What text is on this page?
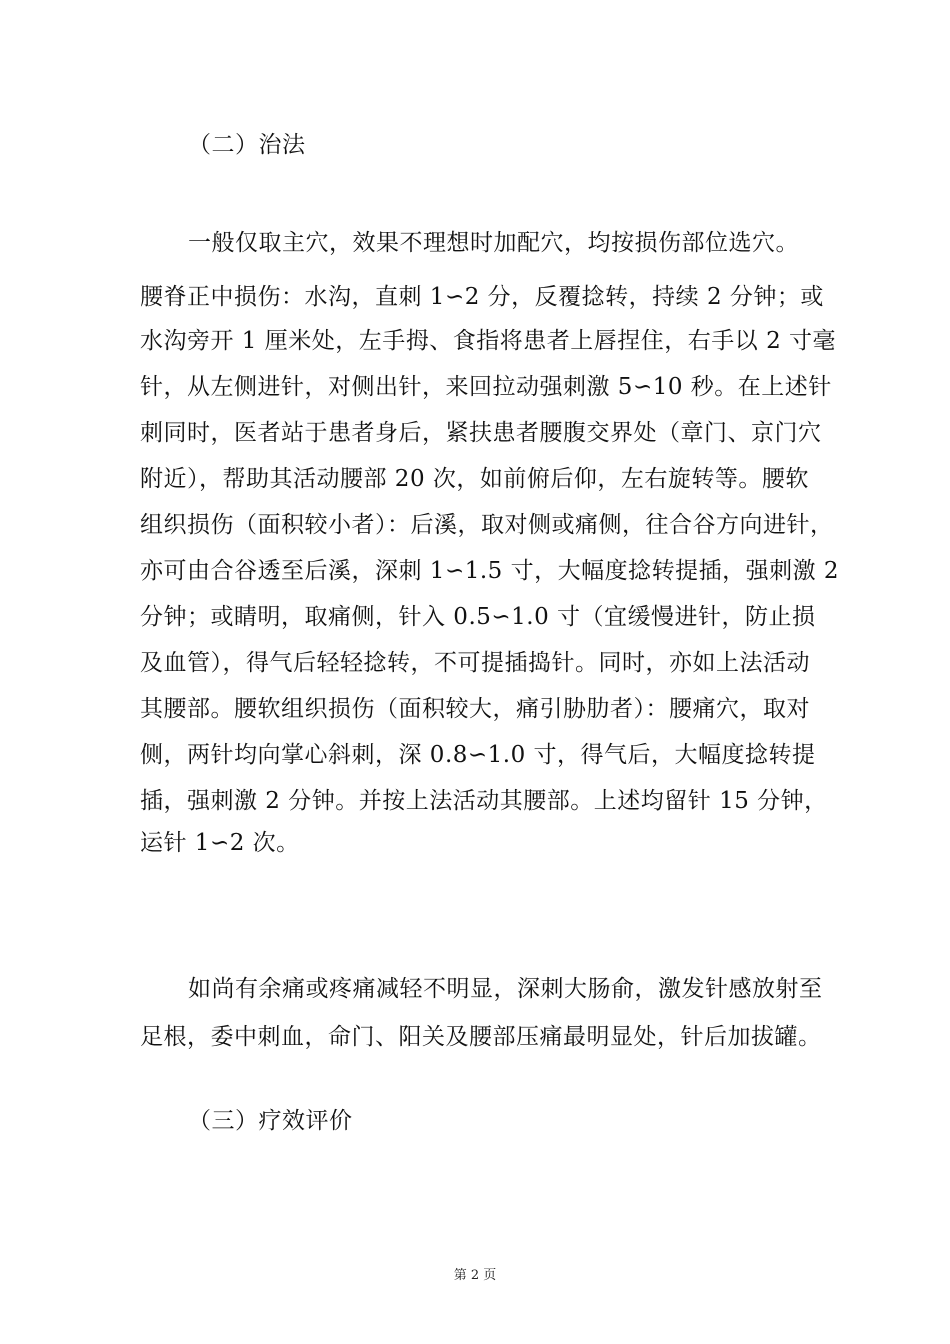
（二）治法
一般仅取主穴，效果不理想时加配穴，均按损伤部位选穴。
腰脊正中损伤：水沟，直刺 1∽2 分，反覆捻转，持续 2 分钟；或
水沟旁开 1 厘米处，左手拇、食指将患者上唇捏住，右手以 2 寸毫
针，从左侧进针，对侧出针，来回拉动强刺激 5∽10 秒。在上述针
刺同时，医者站于患者身后，紧扶患者腰腹交界处（章门、京门穴
附近），帮助其活动腰部 20 次，如前俯后仰，左右旋转等。腰软
组织损伤（面积较小者）：后溪，取对侧或痛侧，往合谷方向进针，
亦可由合谷透至后溪，深刺 1∽1.5 寸，大幅度捻转提插，强刺激 2
分钟；或睛明，取痛侧，针入 0.5∽1.0 寸（宜缓慢进针，防止损
及血管），得气后轻轻捻转，不可提插捣针。同时，亦如上法活动
其腰部。腰软组织损伤（面积较大，痛引胁肋者）：腰痛穴，取对
侧，两针均向掌心斜刺，深 0.8∽1.0 寸，得气后，大幅度捻转提
插，强刺激 2 分钟。并按上法活动其腰部。上述均留针 15 分钟，
运针 1∽2 次。
如尚有余痛或疼痛减轻不明显，深刺大肠俞，激发针感放射至
足根，委中刺血，命门、阳关及腰部压痛最明显处，针后加拔罐。
（三）疗效评价
第 2 页
